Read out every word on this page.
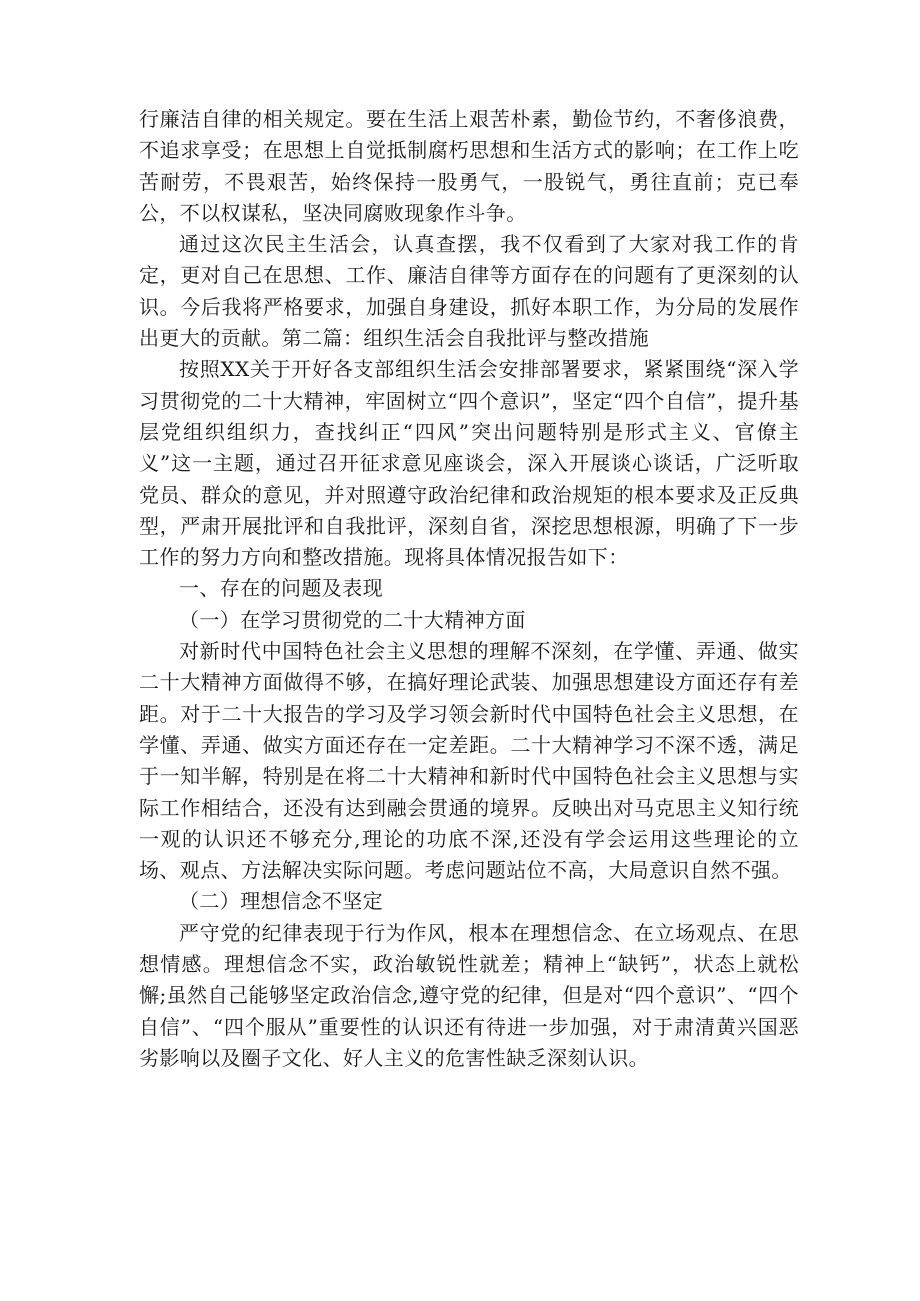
行廉洁自律的相关规定。要在生活上艰苦朴素，勤俭节约，不奢侈浪费，不追求享受；在思想上自觉抵制腐朽思想和生活方式的影响；在工作上吃苦耐劳，不畏艰苦，始终保持一股勇气，一股锐气，勇往直前；克已奉公，不以权谋私，坚决同腐败现象作斗争。

通过这次民主生活会，认真查摆，我不仅看到了大家对我工作的肯定，更对自己在思想、工作、廉洁自律等方面存在的问题有了更深刻的认识。今后我将严格要求，加强自身建设，抓好本职工作，为分局的发展作出更大的贡献。第二篇：组织生活会自我批评与整改措施

按照XX关于开好各支部组织生活会安排部署要求，紧紧围绕“深入学习贯彻党的二十大精神，牢固树立“四个意识”，坚定“四个自信”，提升基层党组织组织力，查找纠正“四风”突出问题特别是形式主义、官僚主义”这一主题，通过召开征求意见座谈会，深入开展谈心谈话，广泛听取党员、群众的意见，并对照遵守政治纪律和政治规矩的根本要求及正反典型，严肃开展批评和自我批评，深刻自省，深挖思想根源，明确了下一步工作的努力方向和整改措施。现将具体情况报告如下：

一、存在的问题及表现

（一）在学习贯彻党的二十大精神方面

对新时代中国特色社会主义思想的理解不深刻，在学懂、弄通、做实二十大精神方面做得不够，在搞好理论武装、加强思想建设方面还存有差距。对于二十大报告的学习及学习领会新时代中国特色社会主义思想，在学懂、弄通、做实方面还存在一定差距。二十大精神学习不深不透，满足于一知半解，特别是在将二十大精神和新时代中国特色社会主义思想与实际工作相结合，还没有达到融会贯通的境界。反映出对马克思主义知行统一观的认识还不够充分,理论的功底不深,还没有学会运用这些理论的立场、观点、方法解决实际问题。考虑问题站位不高，大局意识自然不强。

（二）理想信念不坚定

严守党的纪律表现于行为作风，根本在理想信念、在立场观点、在思想情感。理想信念不实，政治敏锐性就差；精神上“缺钙”，状态上就松懈;虽然自己能够坚定政治信念,遵守党的纪律，但是对“四个意识”、“四个自信”、“四个服从”重要性的认识还有待进一步加强，对于肃清黄兴国恶劣影响以及圈子文化、好人主义的危害性缺乏深刻认识。
